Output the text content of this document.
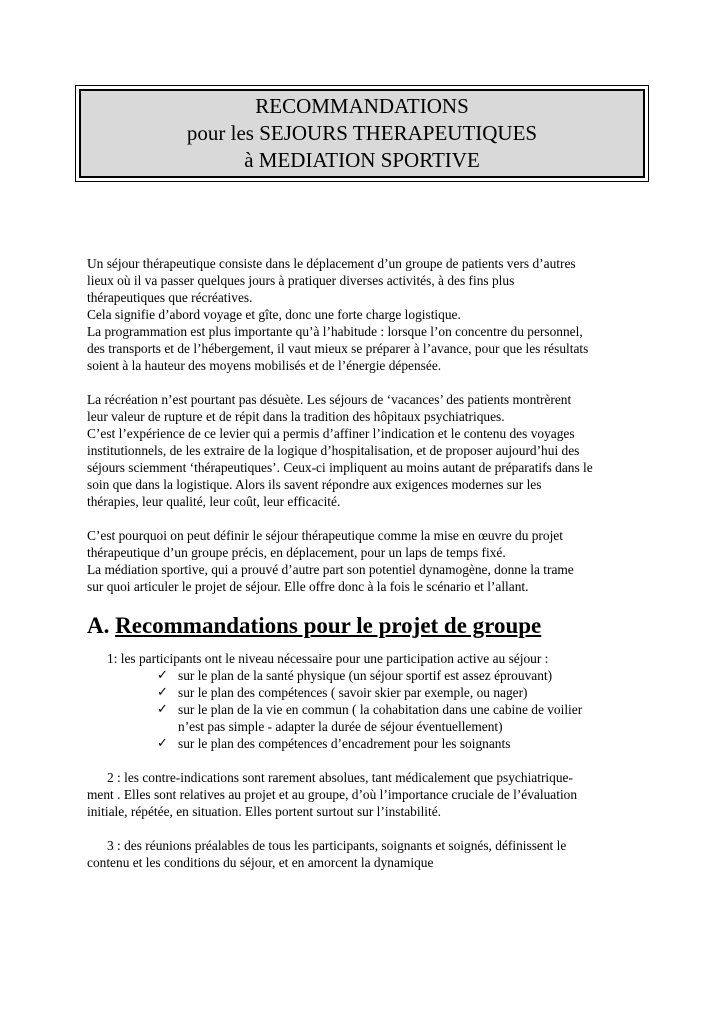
RECOMMANDATIONS
pour les SEJOURS THERAPEUTIQUES
à MEDIATION SPORTIVE

Un séjour thérapeutique consiste dans le déplacement d’un groupe de patients vers d’autres
lieux où il va passer quelques jours à pratiquer diverses activités, à des fins plus
thérapeutiques que récréatives.
Cela signifie d’abord voyage et gîte, donc une forte charge logistique.
La programmation est plus importante qu’à l’habitude : lorsque l’on concentre du personnel,
des transports et de l’hébergement, il vaut mieux se préparer à l’avance, pour que les résultats
soient à la hauteur des moyens mobilisés et de l’énergie dépensée.

La récréation n’est pourtant pas désuète. Les séjours de ‘vacances’ des patients montrèrent
leur valeur de rupture et de répit dans la tradition des hôpitaux psychiatriques.
C’est l’expérience de ce levier qui a permis d’affiner l’indication et le contenu des voyages
institutionnels, de les extraire de la logique d’hospitalisation, et de proposer aujourd’hui des
séjours sciemment ‘thérapeutiques’. Ceux-ci impliquent au moins autant de préparatifs dans le
soin que dans la logistique. Alors ils savent répondre aux exigences modernes sur les
thérapies, leur qualité, leur coût, leur efficacité.

C’est pourquoi on peut définir le séjour thérapeutique comme la mise en œuvre du projet
thérapeutique d’un groupe précis, en déplacement, pour un laps de temps fixé.
La médiation sportive, qui a prouvé d’autre part son potentiel dynamogène, donne la trame
sur quoi articuler le projet de séjour. Elle offre donc à la fois le scénario et l’allant.

A. Recommandations pour le projet de groupe
1: les participants ont le niveau nécessaire pour une participation active au séjour :
✓ sur le plan de la santé physique (un séjour sportif est assez éprouvant)
✓ sur le plan des compétences ( savoir skier par exemple, ou nager)
✓ sur le plan de la vie en commun ( la cohabitation dans une cabine de voilier
n’est pas simple - adapter la durée de séjour éventuellement)
✓ sur le plan des compétences d’encadrement pour les soignants
2 : les contre-indications sont rarement absolues, tant médicalement que psychiatrique-
ment . Elles sont relatives au projet et au groupe, d’où l’importance cruciale de l’évaluation
initiale, répétée, en situation. Elles portent surtout sur l’instabilité.
3 : des réunions préalables de tous les participants, soignants et soignés, définissent le
contenu et les conditions du séjour, et en amorcent la dynamique
